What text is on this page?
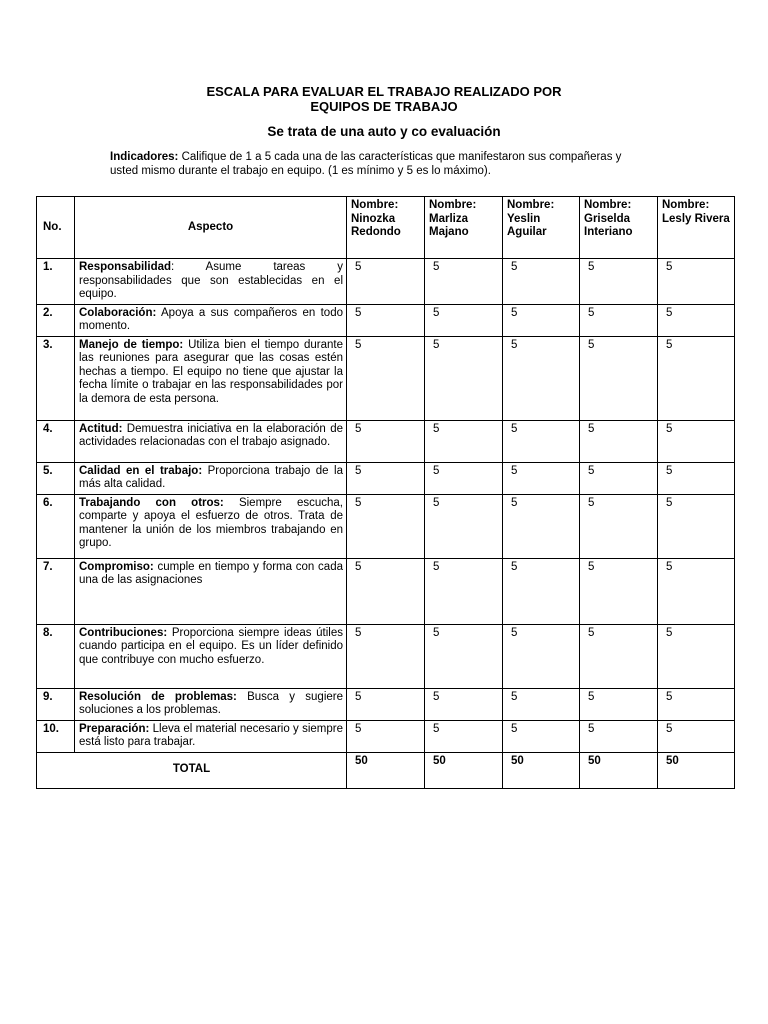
ESCALA PARA EVALUAR EL TRABAJO REALIZADO POR
EQUIPOS DE TRABAJO
Se trata de una auto y co evaluación
Indicadores: Califique de 1 a 5 cada una de las características que manifestaron sus compañeras y usted mismo durante el trabajo en equipo. (1 es mínimo y 5 es lo máximo).
No.	Aspecto	Nombre: Ninozka Redondo	Nombre: Marliza Majano	Nombre: Yeslin Aguilar	Nombre: Griselda Interiano	Nombre: Lesly Rivera
1.	Responsabilidad: Asume tareas y responsabilidades que son establecidas en el equipo.	5	5	5	5	5
2.	Colaboración: Apoya a sus compañeros en todo momento.	5	5	5	5	5
3.	Manejo de tiempo: Utiliza bien el tiempo durante las reuniones para asegurar que las cosas estén hechas a tiempo. El equipo no tiene que ajustar la fecha límite o trabajar en las responsabilidades por la demora de esta persona.	5	5	5	5	5
4.	Actitud: Demuestra iniciativa en la elaboración de actividades relacionadas con el trabajo asignado.	5	5	5	5	5
5.	Calidad en el trabajo: Proporciona trabajo de la más alta calidad.	5	5	5	5	5
6.	Trabajando con otros: Siempre escucha, comparte y apoya el esfuerzo de otros. Trata de mantener la unión de los miembros trabajando en grupo.	5	5	5	5	5
7.	Compromiso: cumple en tiempo y forma con cada una de las asignaciones	5	5	5	5	5
8.	Contribuciones: Proporciona siempre ideas útiles cuando participa en el equipo. Es un líder definido que contribuye con mucho esfuerzo.	5	5	5	5	5
9.	Resolución de problemas: Busca y sugiere soluciones a los problemas.	5	5	5	5	5
10.	Preparación: Lleva el material necesario y siempre está listo para trabajar.	5	5	5	5	5
TOTAL		50	50	50	50	50
